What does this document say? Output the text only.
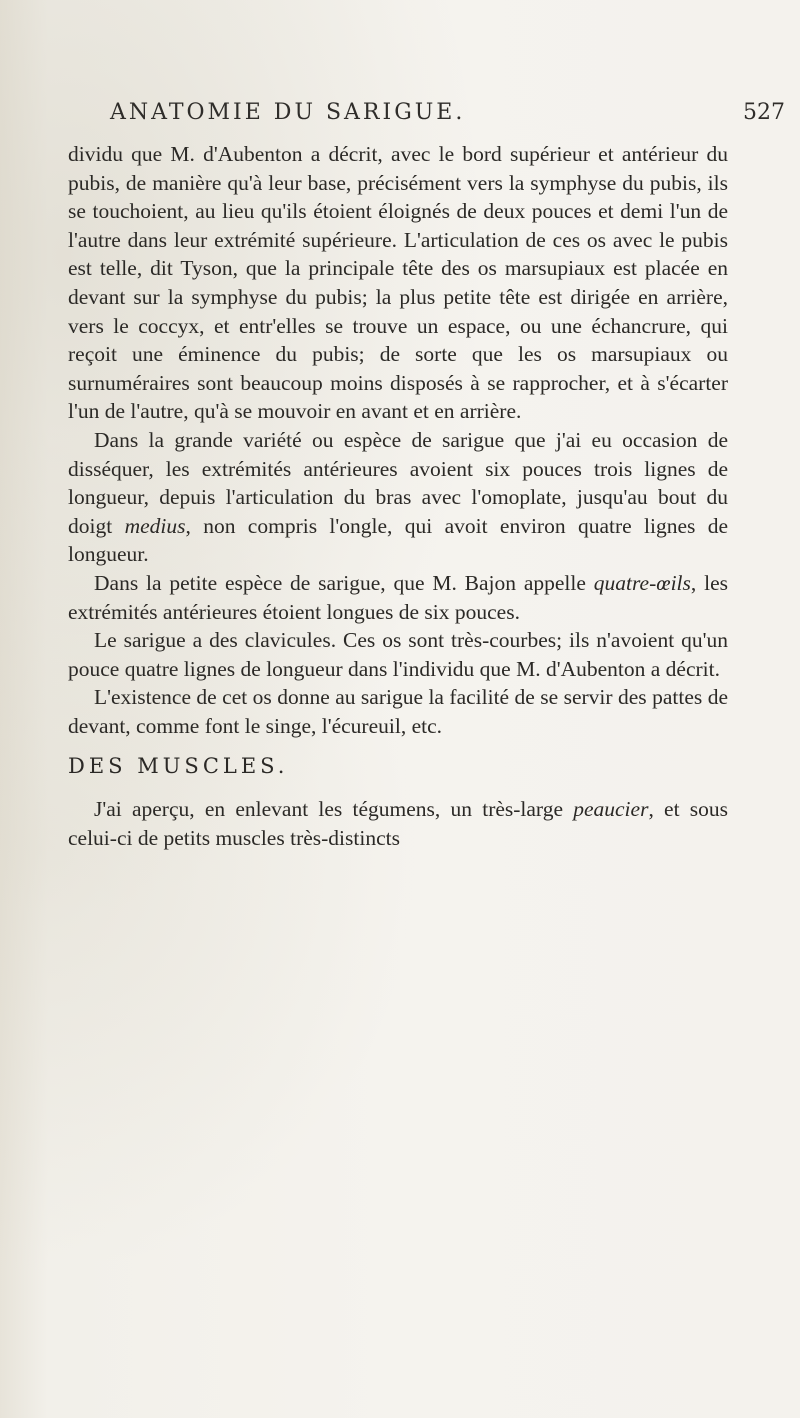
ANATOMIE DU SARIGUE.	527

dividu que M. d'Aubenton a décrit, avec le bord supérieur et antérieur du pubis, de manière qu'à leur base, précisément vers la symphyse du pubis, ils se touchoient, au lieu qu'ils étoient éloignés de deux pouces et demi l'un de l'autre dans leur extrémité supérieure. L'articulation de ces os avec le pubis est telle, dit Tyson, que la principale tête des os marsupiaux est placée en devant sur la symphyse du pubis; la plus petite tête est dirigée en arrière, vers le coccyx, et entr'elles se trouve un espace, ou une échancrure, qui reçoit une éminence du pubis; de sorte que les os marsupiaux ou surnuméraires sont beaucoup moins disposés à se rapprocher, et à s'écarter l'un de l'autre, qu'à se mouvoir en avant et en arrière.

Dans la grande variété ou espèce de sarigue que j'ai eu occasion de disséquer, les extrémités antérieures avoient six pouces trois lignes de longueur, depuis l'articulation du bras avec l'omoplate, jusqu'au bout du doigt medius, non compris l'ongle, qui avoit environ quatre lignes de longueur.

Dans la petite espèce de sarigue, que M. Bajon appelle quatre-œils, les extrémités antérieures étoient longues de six pouces.

Le sarigue a des clavicules. Ces os sont très-courbes; ils n'avoient qu'un pouce quatre lignes de longueur dans l'individu que M. d'Aubenton a décrit.

L'existence de cet os donne au sarigue la facilité de se servir des pattes de devant, comme font le singe, l'écureuil, etc.

DES MUSCLES.

J'ai aperçu, en enlevant les tégumens, un très-large peaucier, et sous celui-ci de petits muscles très-distincts
